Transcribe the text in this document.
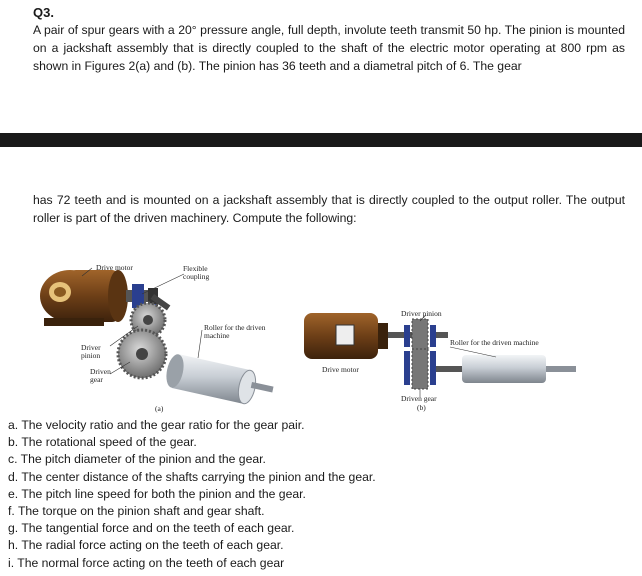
Q3.
A pair of spur gears with a 20° pressure angle, full depth, involute teeth transmit 50 hp. The pinion is mounted on a jackshaft assembly that is directly coupled to the shaft of the electric motor operating at 800 rpm as shown in Figures 2(a) and (b). The pinion has 36 teeth and a diametral pitch of 6. The gear
has 72 teeth and is mounted on a jackshaft assembly that is directly coupled to the output roller. The output roller is part of the driven machinery. Compute the following:
Drive motor	Flexible coupling
Roller for the driven machine
Driver pinion
Driven gear
(a)
Driver pinion
Roller for the driven machine
Drive motor
Driven gear
(b)
a. The velocity ratio and the gear ratio for the gear pair.
b. The rotational speed of the gear.
c. The pitch diameter of the pinion and the gear.
d. The center distance of the shafts carrying the pinion and the gear.
e. The pitch line speed for both the pinion and the gear.
f. The torque on the pinion shaft and gear shaft.
g. The tangential force and on the teeth of each gear.
h. The radial force acting on the teeth of each gear.
i. The normal force acting on the teeth of each gear
